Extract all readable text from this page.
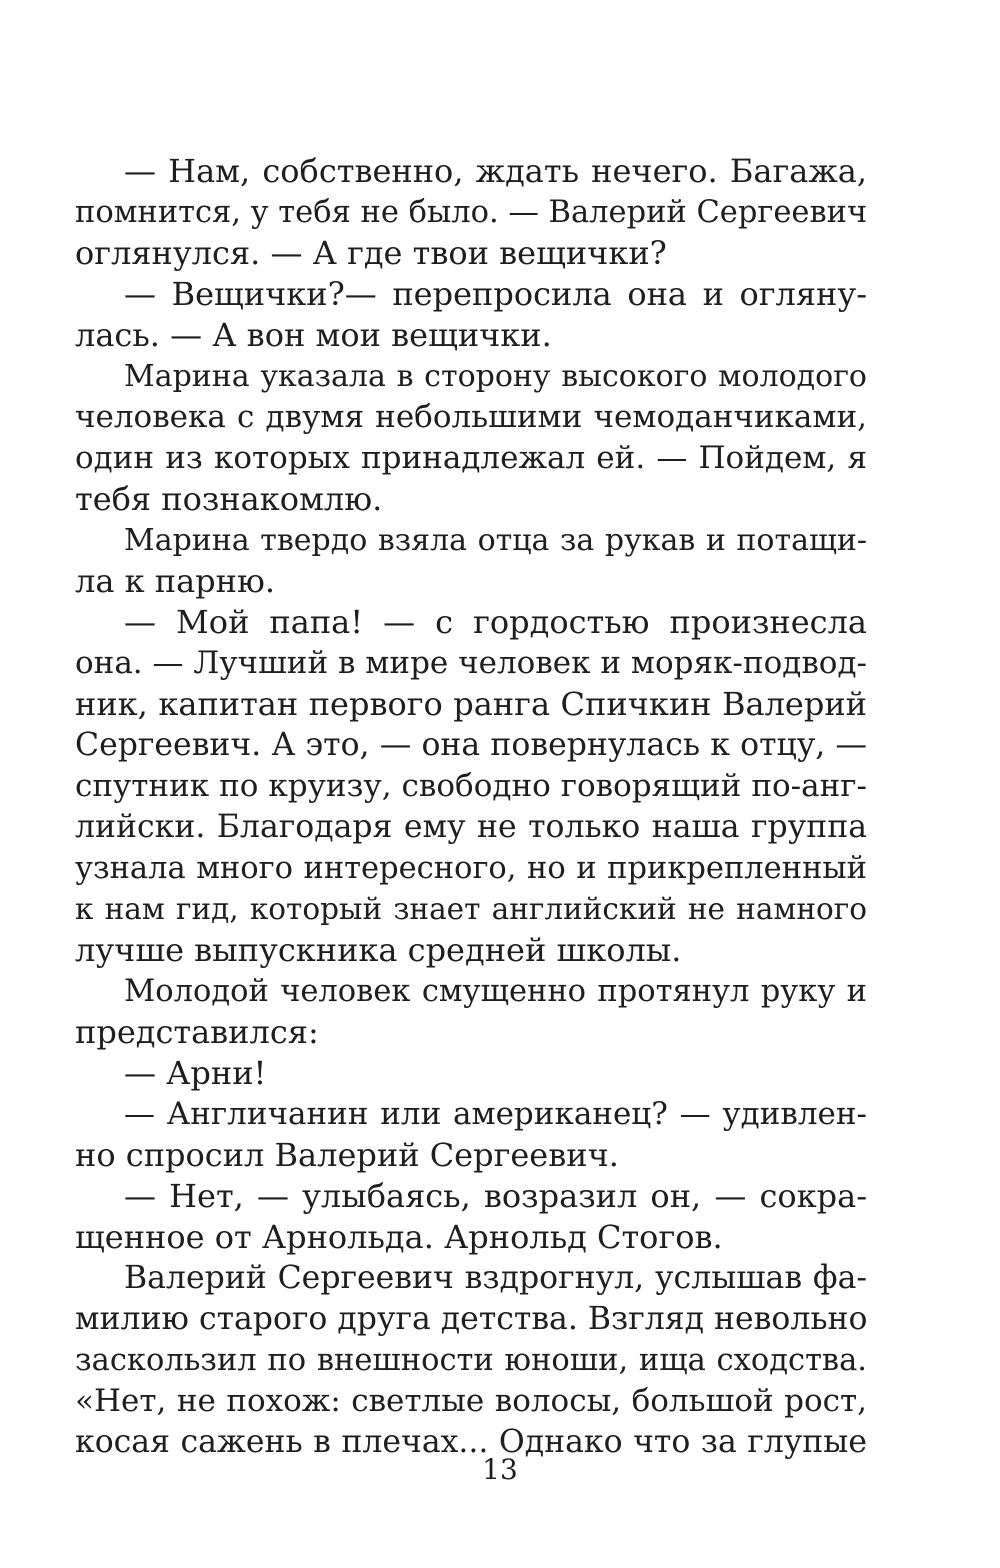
— Нам, собственно, ждать нечего. Багажа,
помнится, у тебя не было. — Валерий Сергеевич
оглянулся. — А где твои вещички?
— Вещички?— перепросила она и огляну-
лась. — А вон мои вещички.
Марина указала в сторону высокого молодого
человека с двумя небольшими чемоданчиками,
один из которых принадлежал ей. — Пойдем, я
тебя познакомлю.
Марина твердо взяла отца за рукав и потащи-
ла к парню.
— Мой папа! — с гордостью произнесла
она. — Лучший в мире человек и моряк-подвод-
ник, капитан первого ранга Спичкин Валерий
Сергеевич. А это, — она повернулась к отцу, —
спутник по круизу, свободно говорящий по-анг-
лийски. Благодаря ему не только наша группа
узнала много интересного, но и прикрепленный
к нам гид, который знает английский не намного
лучше выпускника средней школы.
Молодой человек смущенно протянул руку и
представился:
— Арни!
— Англичанин или американец? — удивлен-
но спросил Валерий Сергеевич.
— Нет, — улыбаясь, возразил он, — сокра-
щенное от Арнольда. Арнольд Стогов.
Валерий Сергеевич вздрогнул, услышав фа-
милию старого друга детства. Взгляд невольно
заскользил по внешности юноши, ища сходства.
«Нет, не похож: светлые волосы, большой рост,
косая сажень в плечах... Однако что за глупые
13
